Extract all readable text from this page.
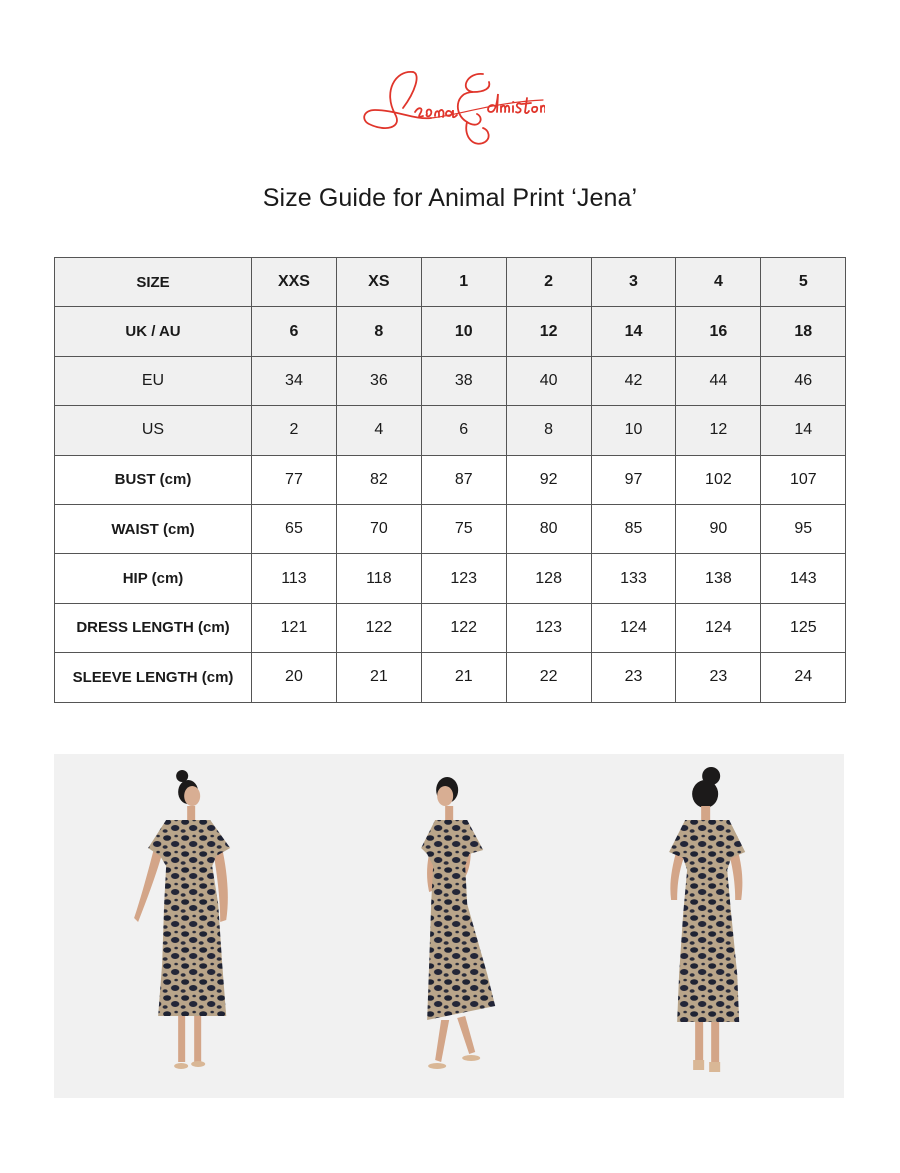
Size Guide for Animal Print ‘Jena’
SIZE	XXS	XS	1	2	3	4	5
UK / AU	6	8	10	12	14	16	18
EU	34	36	38	40	42	44	46
US	2	4	6	8	10	12	14
BUST (cm)	77	82	87	92	97	102	107
WAIST (cm)	65	70	75	80	85	90	95
HIP (cm)	113	118	123	128	133	138	143
DRESS LENGTH (cm)	121	122	122	123	124	124	125
SLEEVE LENGTH (cm)	20	21	21	22	23	23	24
